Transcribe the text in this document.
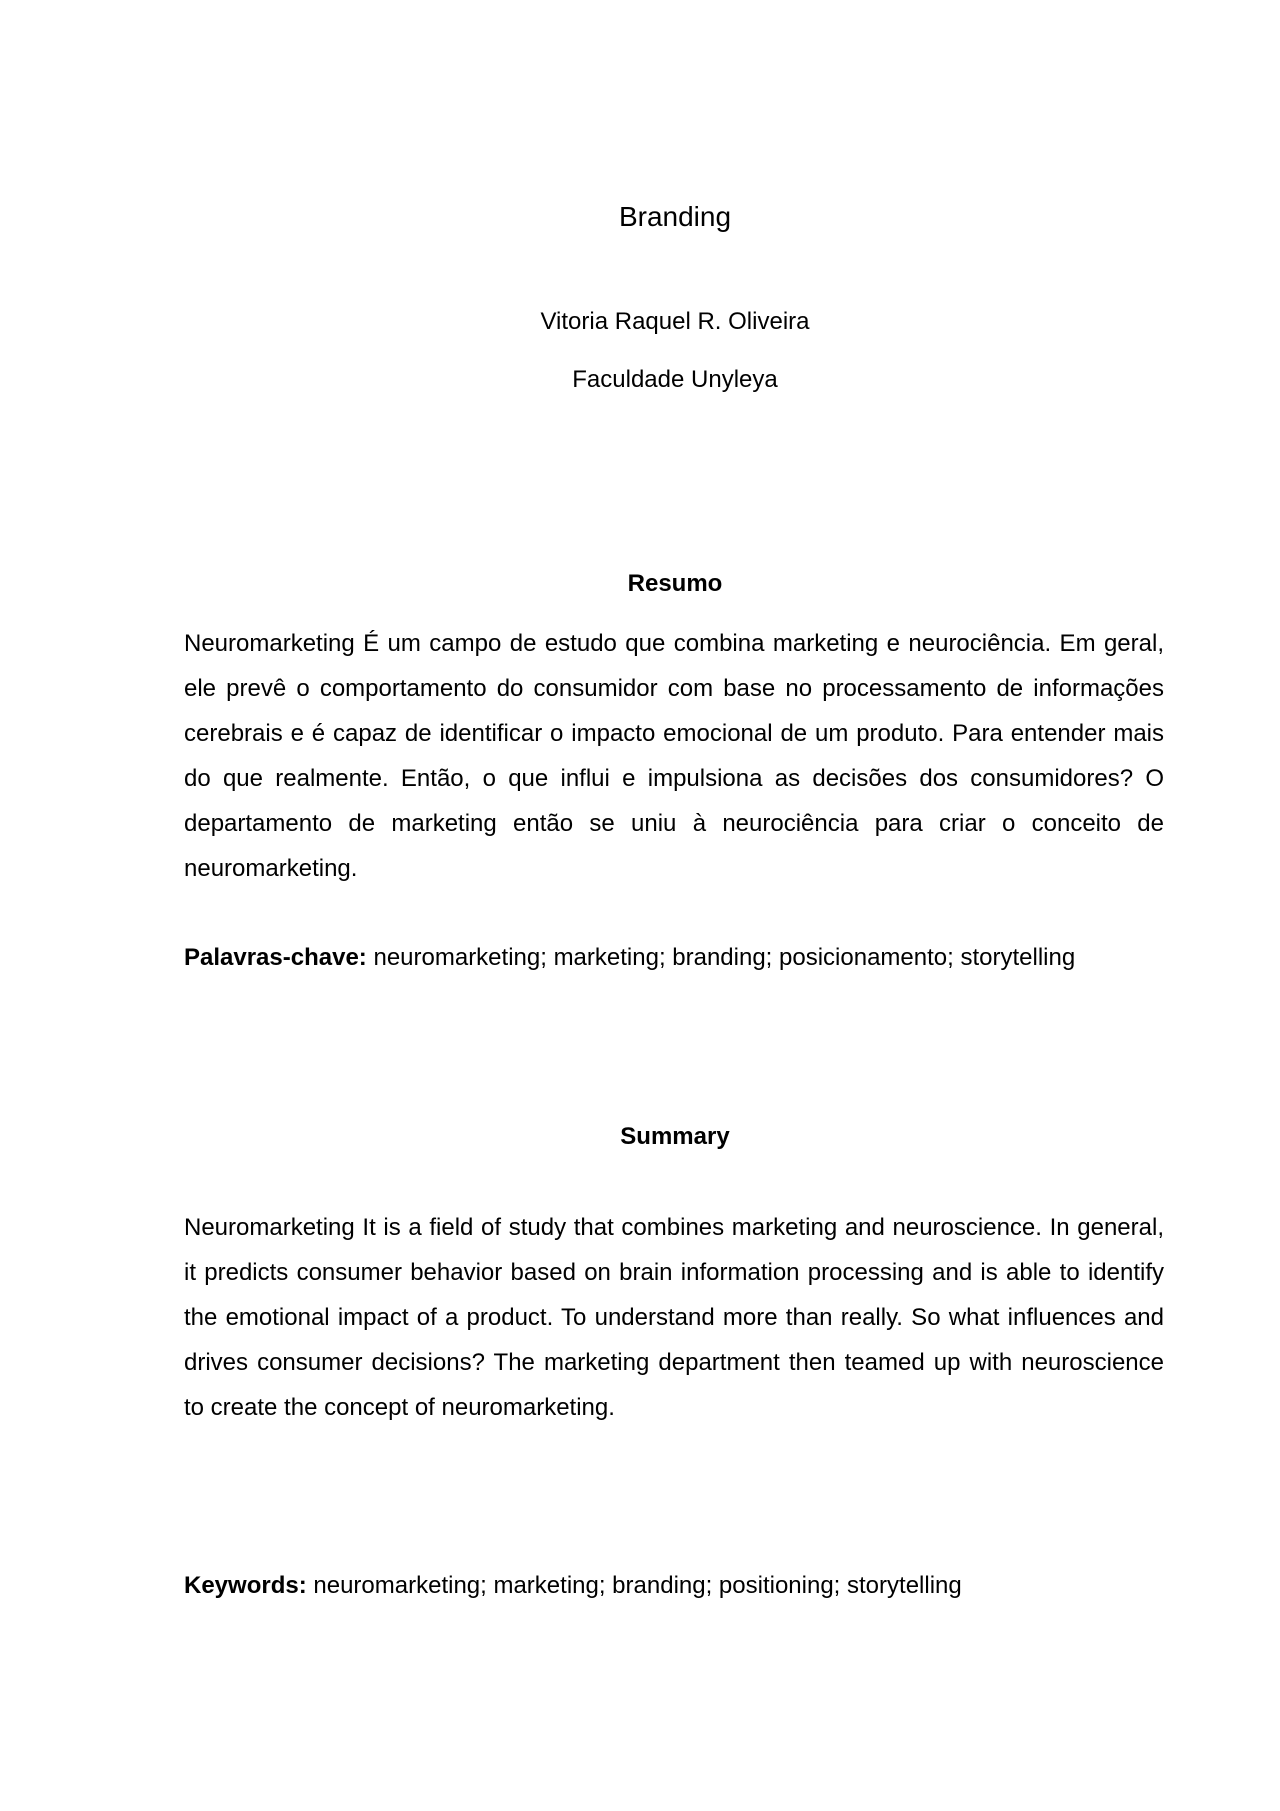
Branding
Vitoria Raquel R. Oliveira
Faculdade Unyleya
Resumo

Neuromarketing É um campo de estudo que combina marketing e neurociência. Em geral, ele prevê o comportamento do consumidor com base no processamento de informações cerebrais e é capaz de identificar o impacto emocional de um produto. Para entender mais do que realmente. Então, o que influi e impulsiona as decisões dos consumidores? O departamento de marketing então se uniu à neurociência para criar o conceito de neuromarketing.

Palavras-chave: neuromarketing; marketing; branding; posicionamento; storytelling

Summary

Neuromarketing It is a field of study that combines marketing and neuroscience. In general, it predicts consumer behavior based on brain information processing and is able to identify the emotional impact of a product. To understand more than really. So what influences and drives consumer decisions? The marketing department then teamed up with neuroscience to create the concept of neuromarketing.

Keywords: neuromarketing; marketing; branding; positioning; storytelling
